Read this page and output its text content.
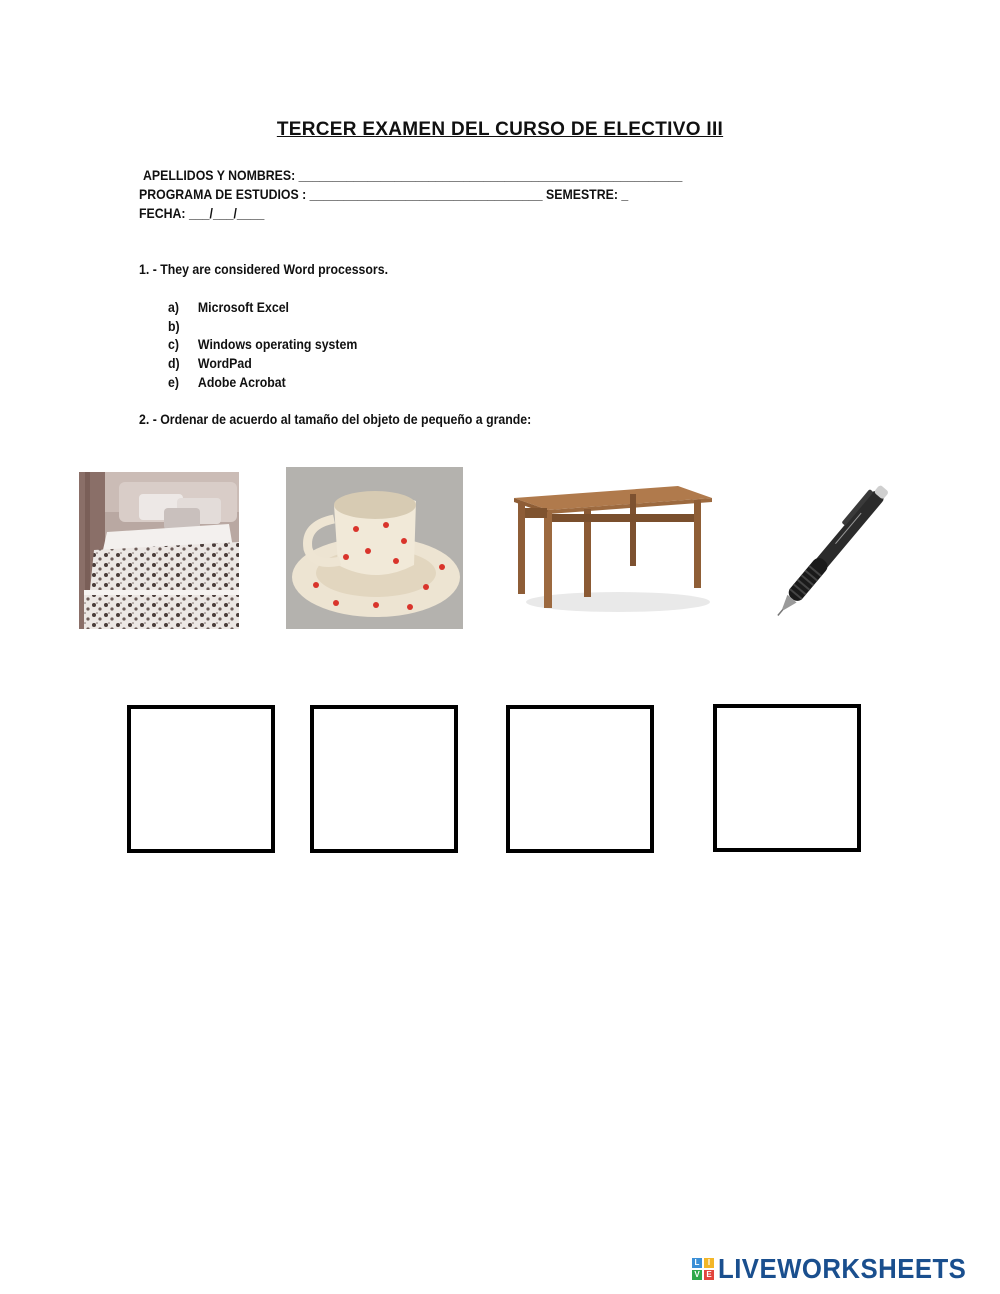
TERCER EXAMEN DEL CURSO DE ELECTIVO III
APELLIDOS Y NOMBRES: ________________________________________________________
PROGRAMA DE ESTUDIOS : __________________________________ SEMESTRE: _
FECHA: ___/___/____
1. - They are considered Word processors.
a) Microsoft Excel
b)
c) Windows operating system
d) WordPad
e) Adobe Acrobat
2. - Ordenar de acuerdo al tamaño del objeto de pequeño a grande:
L	I
V E LIVEWORKSHEETS
